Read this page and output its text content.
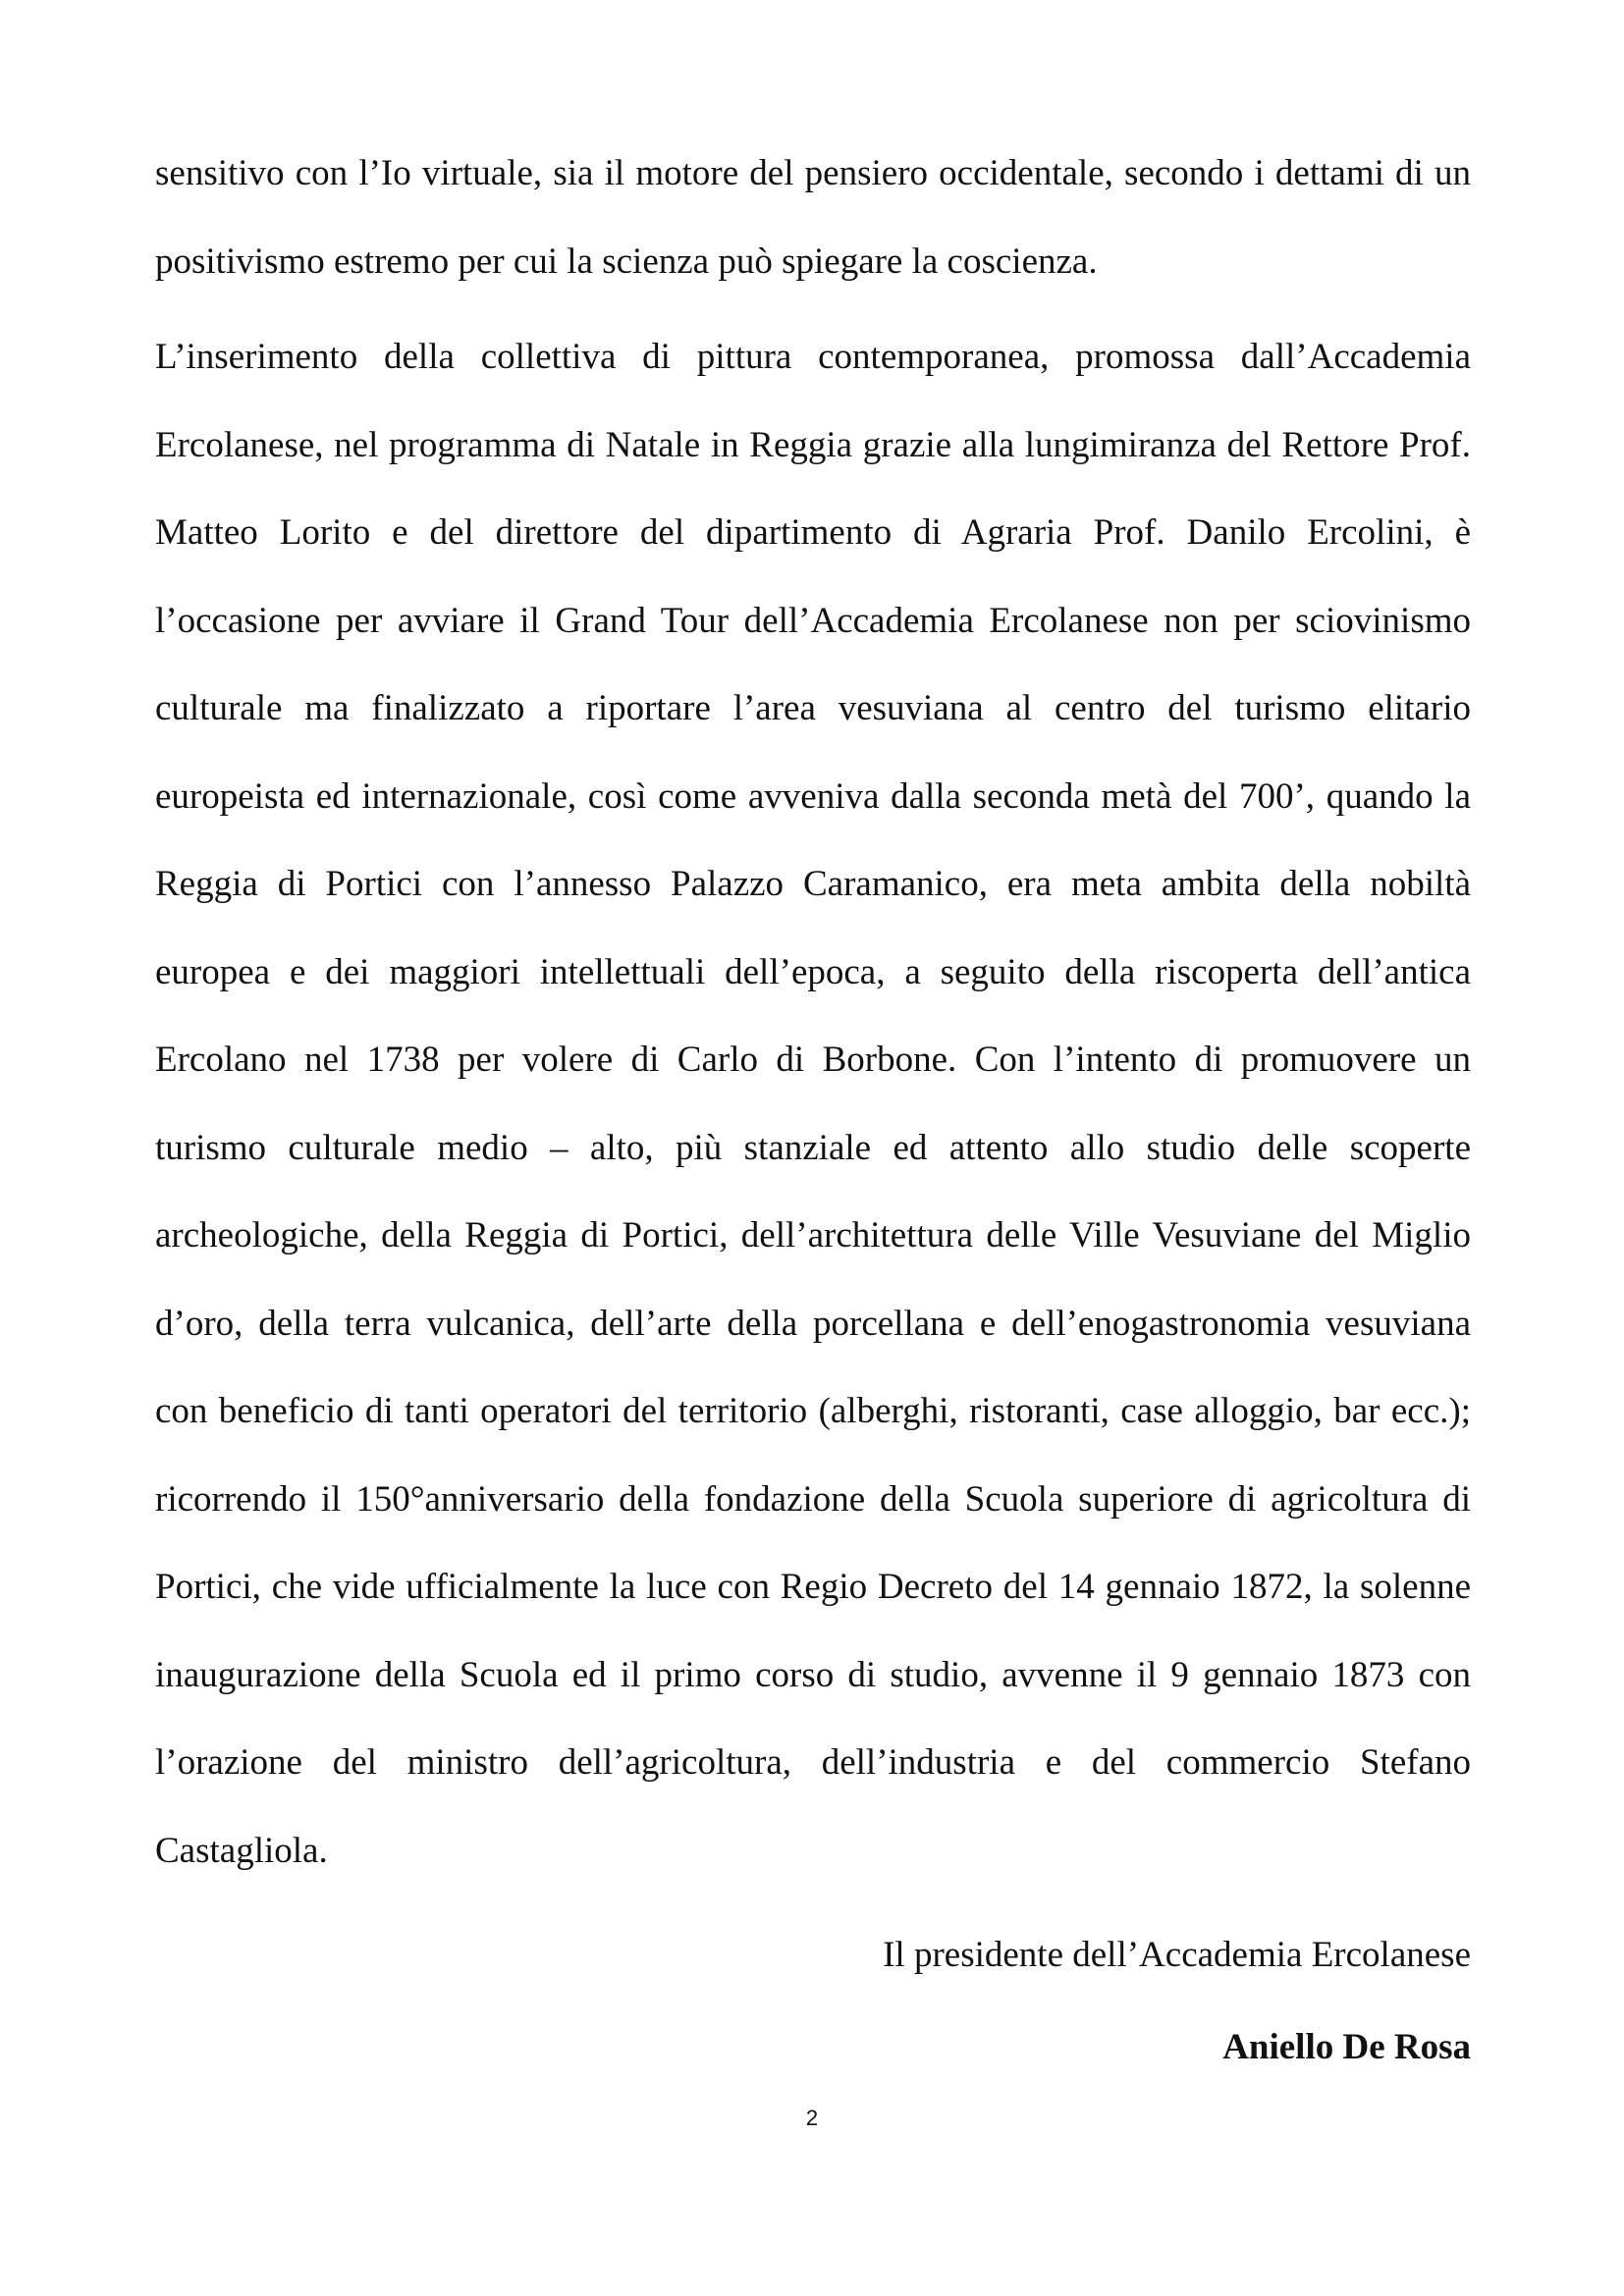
sensitivo con l’Io virtuale, sia il motore del pensiero occidentale, secondo i dettami di un positivismo estremo per cui la scienza può spiegare la coscienza.

L’inserimento della collettiva di pittura contemporanea, promossa dall’Accademia Ercolanese, nel programma di Natale in Reggia grazie alla lungimiranza del Rettore Prof. Matteo Lorito e del direttore del dipartimento di Agraria Prof. Danilo Ercolini, è l’occasione per avviare il Grand Tour dell’Accademia Ercolanese non per sciovinismo culturale ma finalizzato a riportare l’area vesuviana al centro del turismo elitario europeista ed internazionale, così come avveniva dalla seconda metà del 700’, quando la Reggia di Portici con l’annesso Palazzo Caramanico, era meta ambita della nobiltà europea e dei maggiori intellettuali dell’epoca, a seguito della riscoperta dell’antica Ercolano nel 1738 per volere di Carlo di Borbone. Con l’intento di promuovere un turismo culturale medio – alto, più stanziale ed attento allo studio delle scoperte archeologiche, della Reggia di Portici, dell’architettura delle Ville Vesuviane del Miglio d’oro, della terra vulcanica, dell’arte della porcellana e dell’enogastronomia vesuviana con beneficio di tanti operatori del territorio (alberghi, ristoranti, case alloggio, bar ecc.); ricorrendo il 150°anniversario della fondazione della Scuola superiore di agricoltura di Portici, che vide ufficialmente la luce con Regio Decreto del 14 gennaio 1872, la solenne inaugurazione della Scuola ed il primo corso di studio, avvenne il 9 gennaio 1873 con l’orazione del ministro dell’agricoltura, dell’industria e del commercio Stefano Castagliola.

Il presidente dell’Accademia Ercolanese

Aniello De Rosa

2
